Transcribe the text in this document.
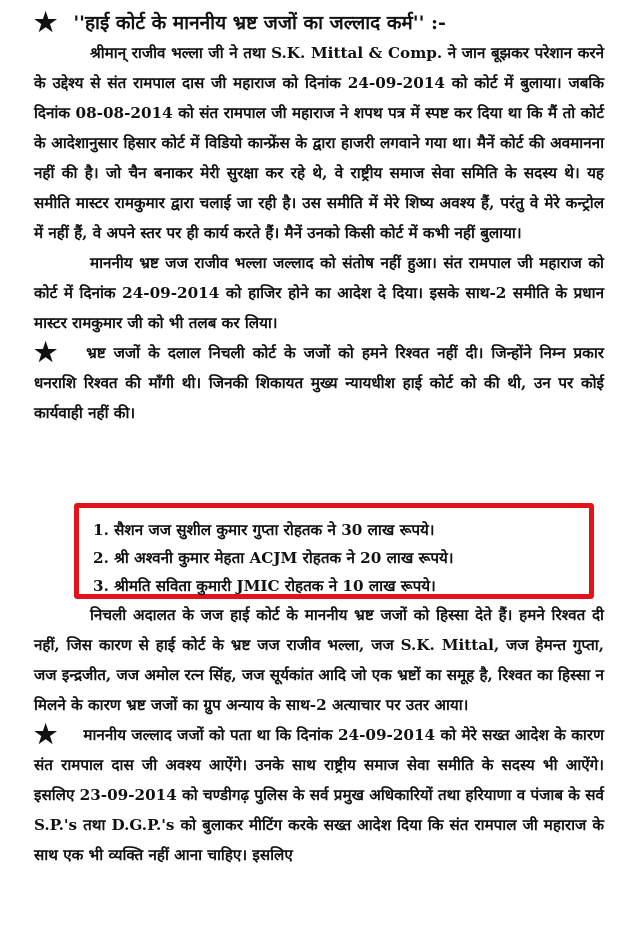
★ ''हाई कोर्ट के माननीय भ्रष्ट जजों का जल्लाद कर्म'' :-

श्रीमान् राजीव भल्ला जी ने तथा S.K. Mittal & Comp. ने जान बूझकर परेशान करने के उद्देश्य से संत रामपाल दास जी महाराज को दिनांक 24-09-2014 को कोर्ट में बुलाया। जबकि दिनांक 08-08-2014 को संत रामपाल जी महाराज ने शपथ पत्र में स्पष्ट कर दिया था कि मैं तो कोर्ट के आदेशानुसार हिसार कोर्ट में विडियो कान्फ्रेंस के द्वारा हाजरी लगवाने गया था। मैनें कोर्ट की अवमानना नहीं की है। जो चैन बनाकर मेरी सुरक्षा कर रहे थे, वे राष्ट्रीय समाज सेवा समिति के सदस्य थे। यह समीति मास्टर रामकुमार द्वारा चलाई जा रही है। उस समीति में मेरे शिष्य अवश्य हैं, परंतु वे मेरे कन्ट्रोल में नहीं हैं, वे अपने स्तर पर ही कार्य करते हैं। मैनें उनको किसी कोर्ट में कभी नहीं बुलाया।

माननीय भ्रष्ट जज राजीव भल्ला जल्लाद को संतोष नहीं हुआ। संत रामपाल जी महाराज को कोर्ट में दिनांक 24-09-2014 को हाजिर होने का आदेश दे दिया। इसके साथ-2 समीति के प्रधान मास्टर रामकुमार जी को भी तलब कर लिया।

★ भ्रष्ट जजों के दलाल निचली कोर्ट के जजों को हमने रिश्वत नहीं दी। जिन्होंने निम्न प्रकार धनराशि रिश्वत की माँगी थी। जिनकी शिकायत मुख्य न्यायधीश हाई कोर्ट को की थी, उन पर कोई कार्यवाही नहीं की।

1. सैशन जज सुशील कुमार गुप्ता रोहतक ने 30 लाख रूपये।
2. श्री अश्वनी कुमार मेहता ACJM रोहतक ने 20 लाख रूपये।
3. श्रीमति सविता कुमारी JMIC रोहतक ने 10 लाख रूपये।

निचली अदालत के जज हाई कोर्ट के माननीय भ्रष्ट जजों को हिस्सा देते हैं। हमने रिश्वत दी नहीं, जिस कारण से हाई कोर्ट के भ्रष्ट जज राजीव भल्ला, जज S.K. Mittal, जज हेमन्त गुप्ता, जज इन्द्रजीत, जज अमोल रत्न सिंह, जज सूर्यकांत आदि जो एक भ्रष्टों का समूह है, रिश्वत का हिस्सा न मिलने के कारण भ्रष्ट जजों का ग्रुप अन्याय के साथ-2 अत्याचार पर उतर आया।

★ माननीय जल्लाद जजों को पता था कि दिनांक 24-09-2014 को मेरे सख्त आदेश के कारण संत रामपाल दास जी अवश्य आऐंगे। उनके साथ राष्ट्रीय समाज सेवा समीति के सदस्य भी आऐंगे। इसलिए 23-09-2014 को चण्डीगढ़ पुलिस के सर्व प्रमुख अधिकारियों तथा हरियाणा व पंजाब के सर्व S.P.'s तथा D.G.P.'s को बुलाकर मीटिंग करके सख्त आदेश दिया कि संत रामपाल जी महाराज के साथ एक भी व्यक्ति नहीं आना चाहिए। इसलिए
